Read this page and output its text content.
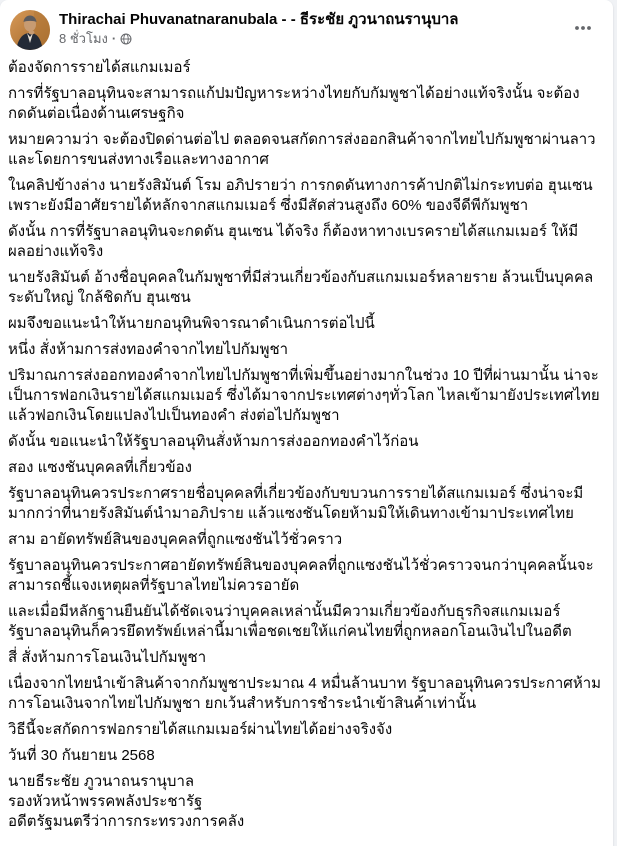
Thirachai Phuvanatnaranubala - - ธีระชัย ภูวนาถนรานุบาล
8 ชั่วโมง ·

ต้องจัดการรายได้สแกมเมอร์

การที่รัฐบาลอนุทินจะสามารถแก้ปมปัญหาระหว่างไทยกับกัมพูชาได้อย่างแท้จริงนั้น จะต้องกดดันต่อเนื่องด้านเศรษฐกิจ

หมายความว่า จะต้องปิดด่านต่อไป ตลอดจนสกัดการส่งออกสินค้าจากไทยไปกัมพูชาผ่านลาว และโดยการขนส่งทางเรือและทางอากาศ

ในคลิปข้างล่าง นายรังสิมันต์ โรม อภิปรายว่า การกดดันทางการค้าปกติไม่กระทบต่อ ฮุนเซน เพราะยังมีอาศัยรายได้หลักจากสแกมเมอร์ ซึ่งมีสัดส่วนสูงถึง 60% ของจีดีพีกัมพูชา

ดังนั้น การที่รัฐบาลอนุทินจะกดดัน ฮุนเซน ได้จริง ก็ต้องหาทางเบรครายได้สแกมเมอร์ ให้มีผลอย่างแท้จริง

นายรังสิมันต์ อ้างชื่อบุคคลในกัมพูชาที่มีส่วนเกี่ยวข้องกับสแกมเมอร์หลายราย ล้วนเป็นบุคคลระดับใหญ่ ใกล้ชิดกับ ฮุนเซน

ผมจึงขอแนะนำให้นายกอนุทินพิจารณาดำเนินการต่อไปนี้

หนึ่ง สั่งห้ามการส่งทองคำจากไทยไปกัมพูชา

ปริมาณการส่งออกทองคำจากไทยไปกัมพูชาที่เพิ่มขึ้นอย่างมากในช่วง 10 ปีที่ผ่านมานั้น น่าจะเป็นการฟอกเงินรายได้สแกมเมอร์ ซึ่งได้มาจากประเทศต่างๆทั่วโลก ไหลเข้ามายังประเทศไทย แล้วฟอกเงินโดยแปลงไปเป็นทองคำ ส่งต่อไปกัมพูชา

ดังนั้น ขอแนะนำให้รัฐบาลอนุทินสั่งห้ามการส่งออกทองคำไว้ก่อน

สอง แซงชันบุคคลที่เกี่ยวข้อง

รัฐบาลอนุทินควรประกาศรายชื่อบุคคลที่เกี่ยวข้องกับขบวนการรายได้สแกมเมอร์ ซึ่งน่าจะมีมากกว่าที่นายรังสิมันต์นำมาอภิปราย แล้วแซงชันโดยห้ามมิให้เดินทางเข้ามาประเทศไทย

สาม อายัดทรัพย์สินของบุคคลที่ถูกแซงชันไว้ชั่วคราว

รัฐบาลอนุทินควรประกาศอายัดทรัพย์สินของบุคคลที่ถูกแซงชันไว้ชั่วคราวจนกว่าบุคคลนั้นจะสามารถชี้แจงเหตุผลที่รัฐบาลไทยไม่ควรอายัด

และเมื่อมีหลักฐานยืนยันได้ชัดเจนว่าบุคคลเหล่านั้นมีความเกี่ยวข้องกับธุรกิจสแกมเมอร์ รัฐบาลอนุทินก็ควรยึดทรัพย์เหล่านี้มาเพื่อชดเชยให้แก่คนไทยที่ถูกหลอกโอนเงินไปในอดีต

สี่ สั่งห้ามการโอนเงินไปกัมพูชา

เนื่องจากไทยนำเข้าสินค้าจากกัมพูชาประมาณ 4 หมื่นล้านบาท รัฐบาลอนุทินควรประกาศห้ามการโอนเงินจากไทยไปกัมพูชา ยกเว้นสำหรับการชำระนำเข้าสินค้าเท่านั้น

วิธีนี้จะสกัดการฟอกรายได้สแกมเมอร์ผ่านไทยได้อย่างจริงจัง

วันที่ 30 กันยายน 2568

นายธีระชัย ภูวนาถนรานุบาล
รองหัวหน้าพรรคพลังประชารัฐ
อดีตรัฐมนตรีว่าการกระทรวงการคลัง
